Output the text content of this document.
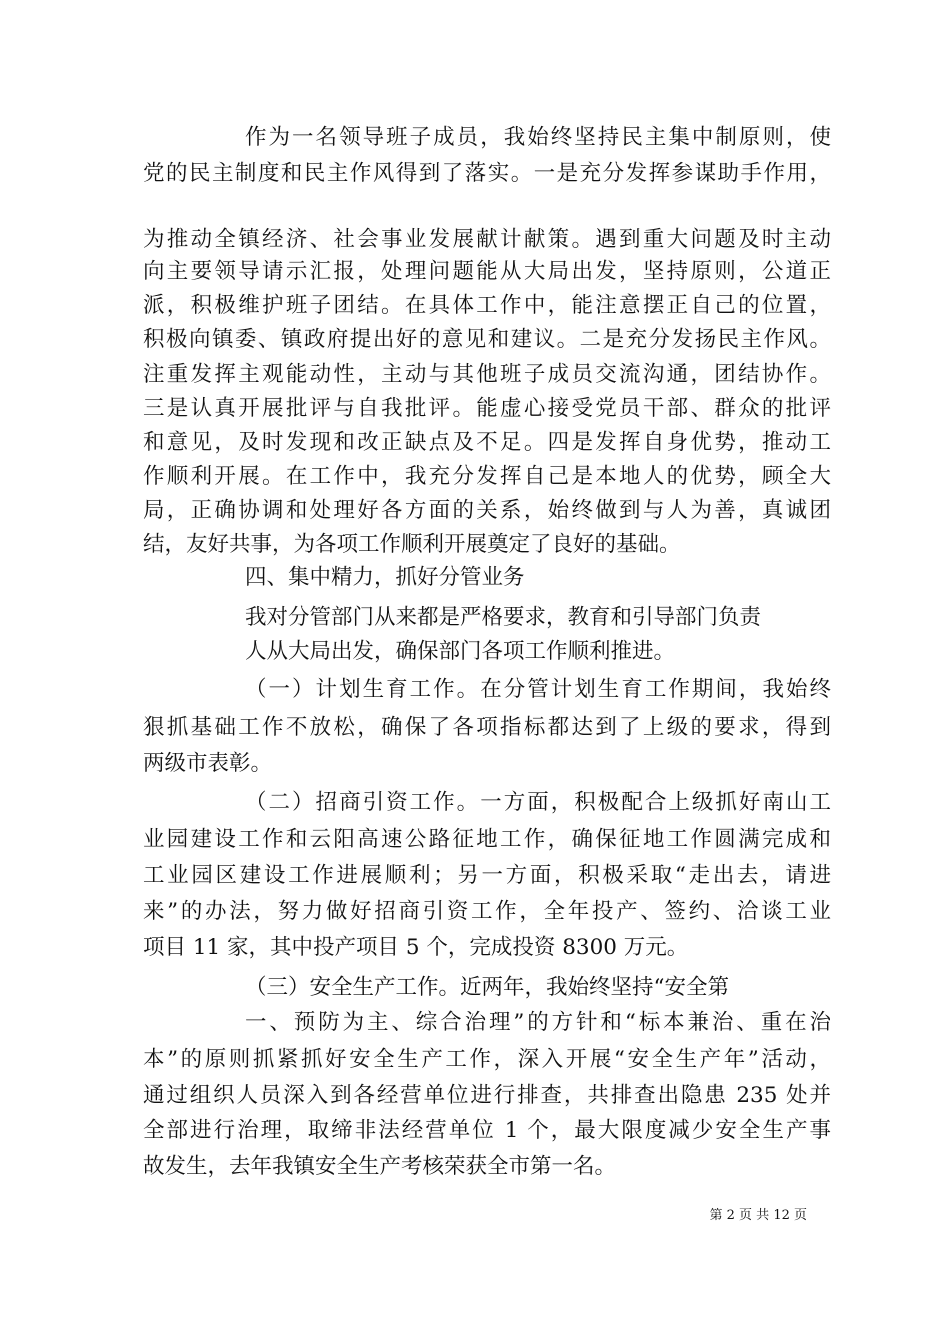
作为一名领导班子成员，我始终坚持民主集中制原则，使
党的民主制度和民主作风得到了落实。一是充分发挥参谋助手作用，
为推动全镇经济、社会事业发展献计献策。遇到重大问题及时主动
向主要领导请示汇报，处理问题能从大局出发，坚持原则，公道正
派，积极维护班子团结。在具体工作中，能注意摆正自己的位置，
积极向镇委、镇政府提出好的意见和建议。二是充分发扬民主作风。
注重发挥主观能动性，主动与其他班子成员交流沟通，团结协作。
三是认真开展批评与自我批评。能虚心接受党员干部、群众的批评
和意见，及时发现和改正缺点及不足。四是发挥自身优势，推动工
作顺利开展。在工作中，我充分发挥自己是本地人的优势，顾全大
局，正确协调和处理好各方面的关系，始终做到与人为善，真诚团
结，友好共事，为各项工作顺利开展奠定了良好的基础。
四、集中精力，抓好分管业务
我对分管部门从来都是严格要求，教育和引导部门负责
人从大局出发，确保部门各项工作顺利推进。
（一）计划生育工作。在分管计划生育工作期间，我始终
狠抓基础工作不放松，确保了各项指标都达到了上级的要求，得到
两级市表彰。
（二）招商引资工作。一方面，积极配合上级抓好南山工
业园建设工作和云阳高速公路征地工作，确保征地工作圆满完成和
工业园区建设工作进展顺利；另一方面，积极采取“走出去，请进
来”的办法，努力做好招商引资工作，全年投产、签约、洽谈工业
项目 11 家，其中投产项目 5 个，完成投资 8300 万元。
（三）安全生产工作。近两年，我始终坚持“安全第
一、预防为主、综合治理”的方针和“标本兼治、重在治
本”的原则抓紧抓好安全生产工作，深入开展“安全生产年”活动，
通过组织人员深入到各经营单位进行排查，共排查出隐患 235 处并
全部进行治理，取缔非法经营单位 1 个，最大限度减少安全生产事
故发生，去年我镇安全生产考核荣获全市第一名。
第 2 页 共 12 页
